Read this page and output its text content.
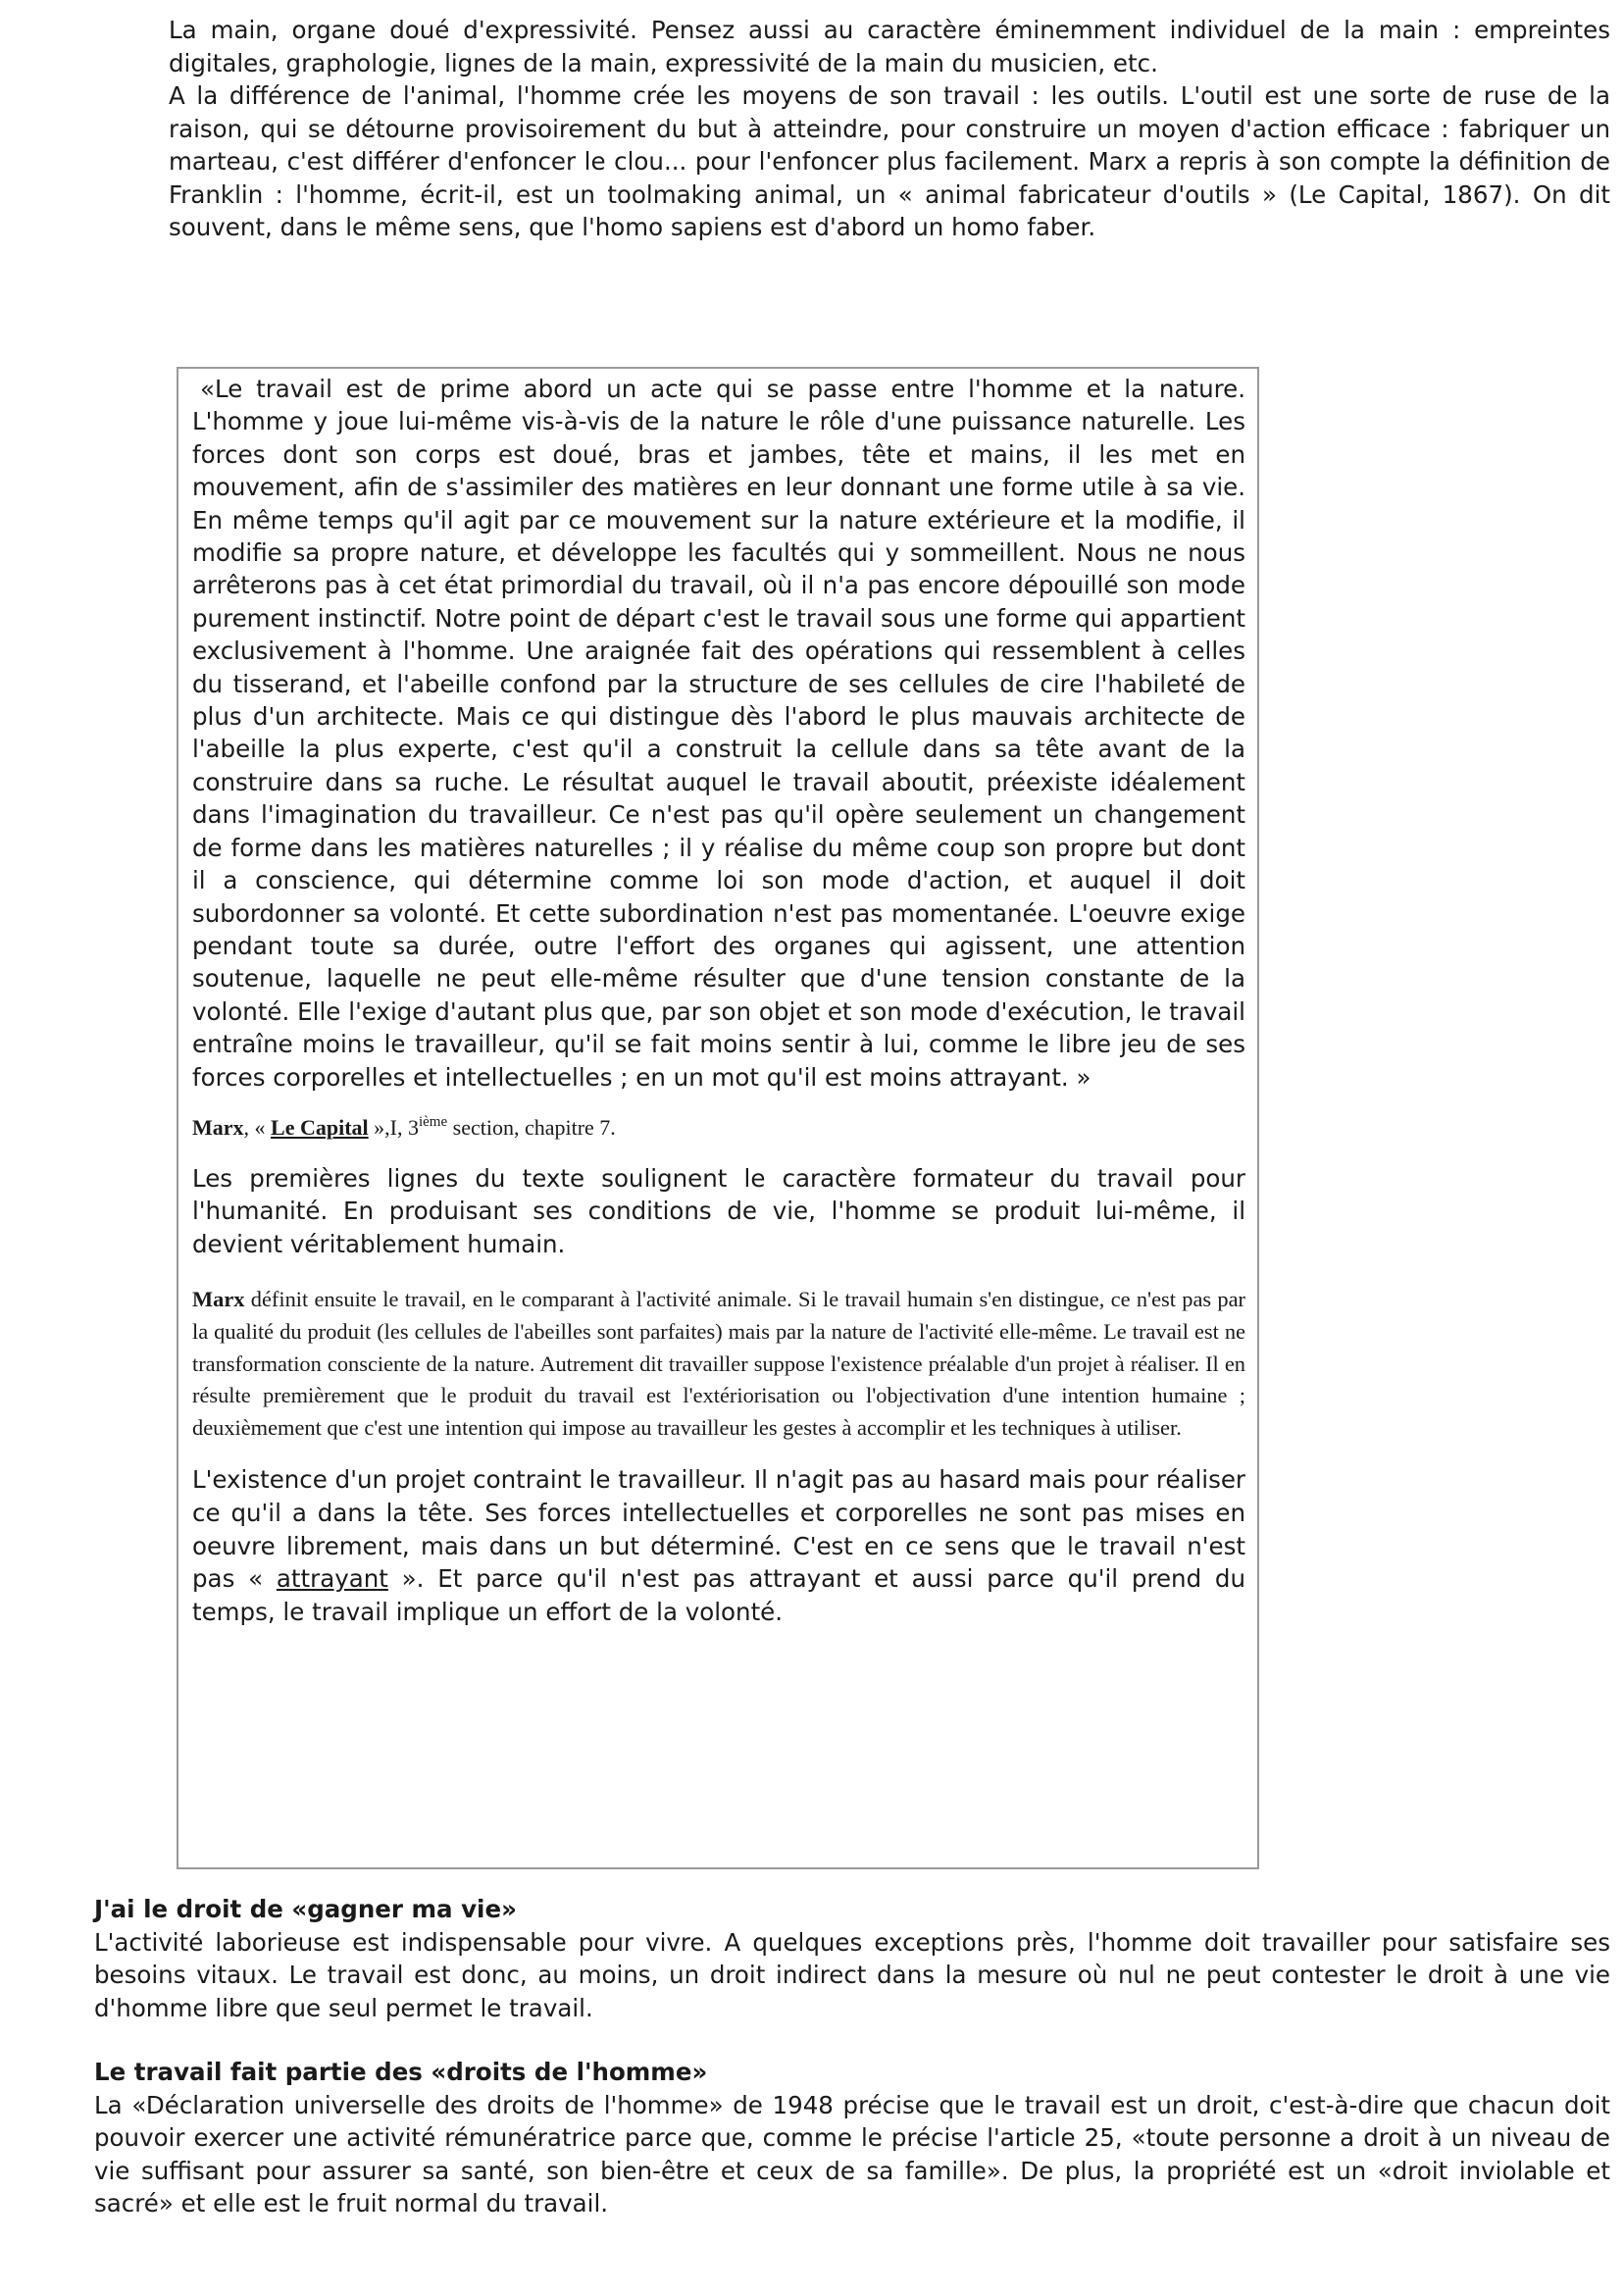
La main, organe doué d'expressivité. Pensez aussi au caractère éminemment individuel de la main : empreintes digitales, graphologie, lignes de la main, expressivité de la main du musicien, etc.

A la différence de l'animal, l'homme crée les moyens de son travail : les outils. L'outil est une sorte de ruse de la raison, qui se détourne provisoirement du but à atteindre, pour construire un moyen d'action efficace : fabriquer un marteau, c'est différer d'enfoncer le clou... pour l'enfoncer plus facilement. Marx a repris à son compte la définition de Franklin : l'homme, écrit-il, est un toolmaking animal, un « animal fabricateur d'outils » (Le Capital, 1867). On dit souvent, dans le même sens, que l'homo sapiens est d'abord un homo faber.

«Le travail est de prime abord un acte qui se passe entre l'homme et la nature. L'homme y joue lui-même vis-à-vis de la nature le rôle d'une puissance naturelle. Les forces dont son corps est doué, bras et jambes, tête et mains, il les met en mouvement, afin de s'assimiler des matières en leur donnant une forme utile à sa vie. En même temps qu'il agit par ce mouvement sur la nature extérieure et la modifie, il modifie sa propre nature, et développe les facultés qui y sommeillent. Nous ne nous arrêterons pas à cet état primordial du travail, où il n'a pas encore dépouillé son mode purement instinctif. Notre point de départ c'est le travail sous une forme qui appartient exclusivement à l'homme. Une araignée fait des opérations qui ressemblent à celles du tisserand, et l'abeille confond par la structure de ses cellules de cire l'habileté de plus d'un architecte. Mais ce qui distingue dès l'abord le plus mauvais architecte de l'abeille la plus experte, c'est qu'il a construit la cellule dans sa tête avant de la construire dans sa ruche. Le résultat auquel le travail aboutit, préexiste idéalement dans l'imagination du travailleur. Ce n'est pas qu'il opère seulement un changement de forme dans les matières naturelles ; il y réalise du même coup son propre but dont il a conscience, qui détermine comme loi son mode d'action, et auquel il doit subordonner sa volonté. Et cette subordination n'est pas momentanée. L'oeuvre exige pendant toute sa durée, outre l'effort des organes qui agissent, une attention soutenue, laquelle ne peut elle-même résulter que d'une tension constante de la volonté. Elle l'exige d'autant plus que, par son objet et son mode d'exécution, le travail entraîne moins le travailleur, qu'il se fait moins sentir à lui, comme le libre jeu de ses forces corporelles et intellectuelles ; en un mot qu'il est moins attrayant. »

Marx, « Le Capital »,I, 3ième section, chapitre 7.

Les premières lignes du texte soulignent le caractère formateur du travail pour l'humanité. En produisant ses conditions de vie, l'homme se produit lui-même, il devient véritablement humain.

Marx définit ensuite le travail, en le comparant à l'activité animale. Si le travail humain s'en distingue, ce n'est pas par la qualité du produit (les cellules de l'abeilles sont parfaites) mais par la nature de l'activité elle-même. Le travail est ne transformation consciente de la nature. Autrement dit travailler suppose l'existence préalable d'un projet à réaliser. Il en résulte premièrement que le produit du travail est l'extériorisation ou l'objectivation d'une intention humaine ; deuxièmement que c'est une intention qui impose au travailleur les gestes à accomplir et les techniques à utiliser.

L'existence d'un projet contraint le travailleur. Il n'agit pas au hasard mais pour réaliser ce qu'il a dans la tête. Ses forces intellectuelles et corporelles ne sont pas mises en oeuvre librement, mais dans un but déterminé. C'est en ce sens que le travail n'est pas « attrayant ». Et parce qu'il n'est pas attrayant et aussi parce qu'il prend du temps, le travail implique un effort de la volonté.

J'ai le droit de «gagner ma vie»

L'activité laborieuse est indispensable pour vivre. A quelques exceptions près, l'homme doit travailler pour satisfaire ses besoins vitaux. Le travail est donc, au moins, un droit indirect dans la mesure où nul ne peut contester le droit à une vie d'homme libre que seul permet le travail.

Le travail fait partie des «droits de l'homme»

La «Déclaration universelle des droits de l'homme» de 1948 précise que le travail est un droit, c'est-à-dire que chacun doit pouvoir exercer une activité rémunératrice parce que, comme le précise l'article 25, «toute personne a droit à un niveau de vie suffisant pour assurer sa santé, son bien-être et ceux de sa famille». De plus, la propriété est un «droit inviolable et sacré» et elle est le fruit normal du travail.
